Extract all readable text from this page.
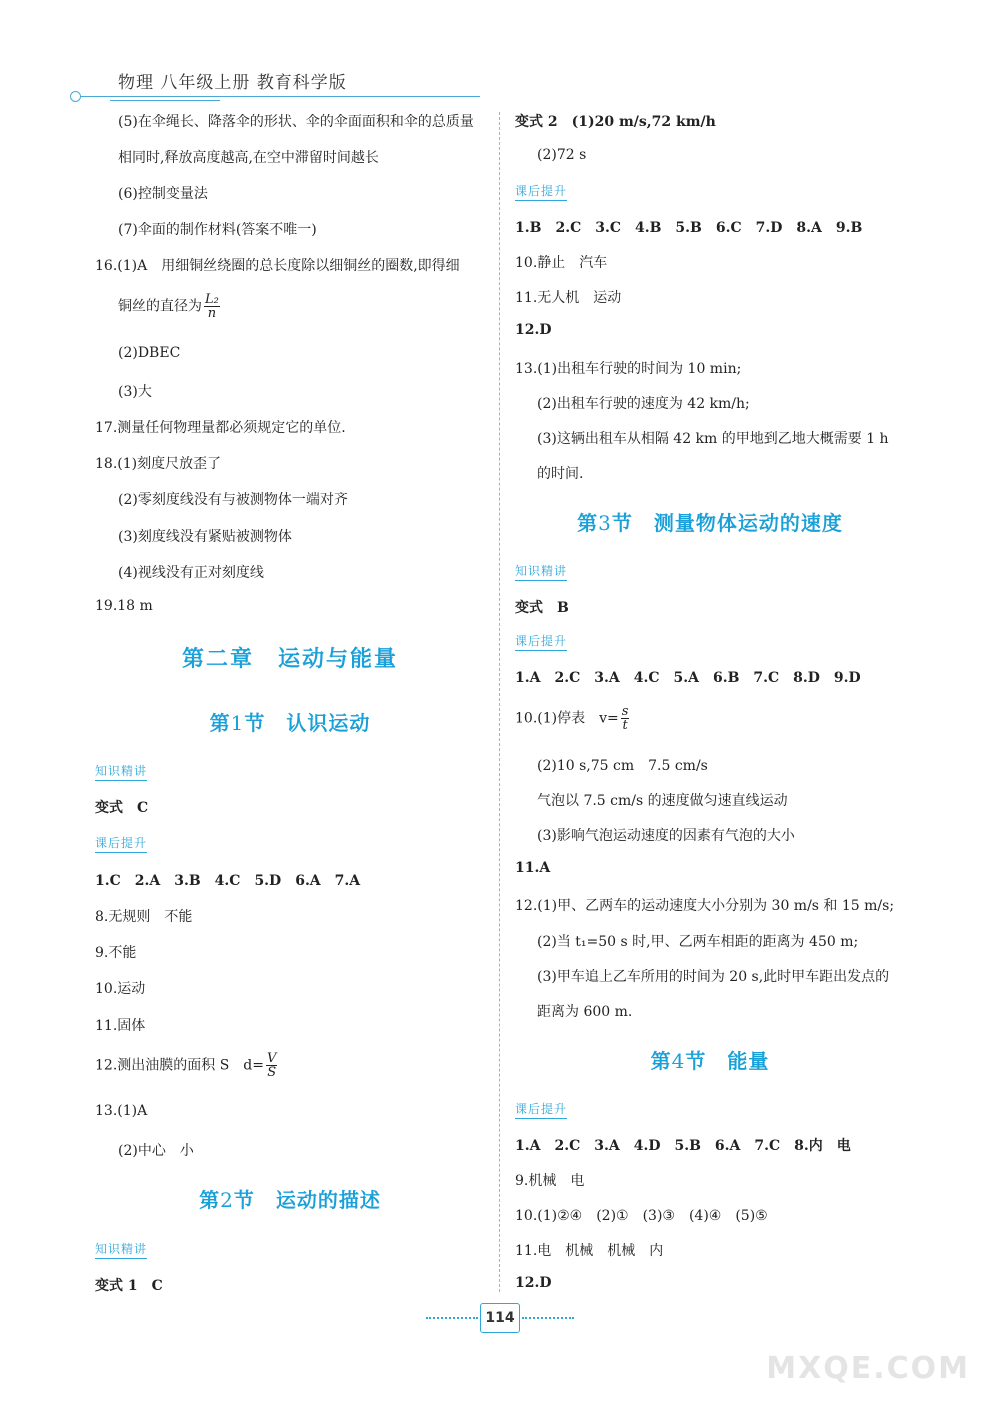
物理 八年级上册 教育科学版
(5)在伞绳长、降落伞的形状、伞的伞面面积和伞的总质量
相同时,释放高度越高,在空中滞留时间越长
(6)控制变量法
(7)伞面的制作材料(答案不唯一)
16.(1)A　用细铜丝绕圈的总长度除以细铜丝的圈数,即得细
铜丝的直径为 $\frac{\text{L₂}}{n}$
(2)DBEC
(3)大
17.测量任何物理量都必须规定它的单位.
18.(1)刻度尺放歪了
(2)零刻度线没有与被测物体一端对齐
(3)刻度线没有紧贴被测物体
(4)视线没有正对刻度线
19.18 m
第二章　运动与能量
第1节　认识运动
知识精讲
变式　C
课后提升
1.C　2.A　3.B　4.C　5.D　6.A　7.A
8.无规则　不能
9.不能
10.运动
11.固体
12.测出油膜的面积 S　$d= \frac{V}{S}$
13.(1)A
(2)中心　小
第2节　运动的描述
知识精讲
变式 1　C
变式 2　(1)20 m/s,72 km/h
(2)72 s
课后提升
1.B　2.C　3.C　4.B　5.B　6.C　7.D　8.A　9.B
10.静止　汽车
11.无人机　运动
12.D
13.(1)出租车行驶的时间为 10 min;
(2)出租车行驶的速度为 42 km/h;
(3)这辆出租车从相隔 42 km 的甲地到乙地大概需要 1 h
的时间.
第3节　测量物体运动的速度
知识精讲
变式　B
课后提升
1.A　2.C　3.A　4.C　5.A　6.B　7.C　8.D　9.D
10.(1)停表　$v= \frac{s}{t}$
(2)10 s,75 cm　7.5 cm/s
气泡以 7.5 cm/s 的速度做匀速直线运动
(3)影响气泡运动速度的因素有气泡的大小
11.A
12.(1)甲、乙两车的运动速度大小分别为 30 m/s 和 15 m/s;
(2)当 t₁=50 s 时,甲、乙两车相距的距离为 450 m;
(3)甲车追上乙车所用的时间为 20 s,此时甲车距出发点的
距离为 600 m.
第4节　能量
课后提升
1.A　2.C　3.A　4.D　5.B　6.A　7.C　8.内　电
9.机械　电
10.(1)②④　(2)①　(3)③　(4)④　(5)⑤
11.电　机械　机械　内
12.D
114
MXQE.COM
